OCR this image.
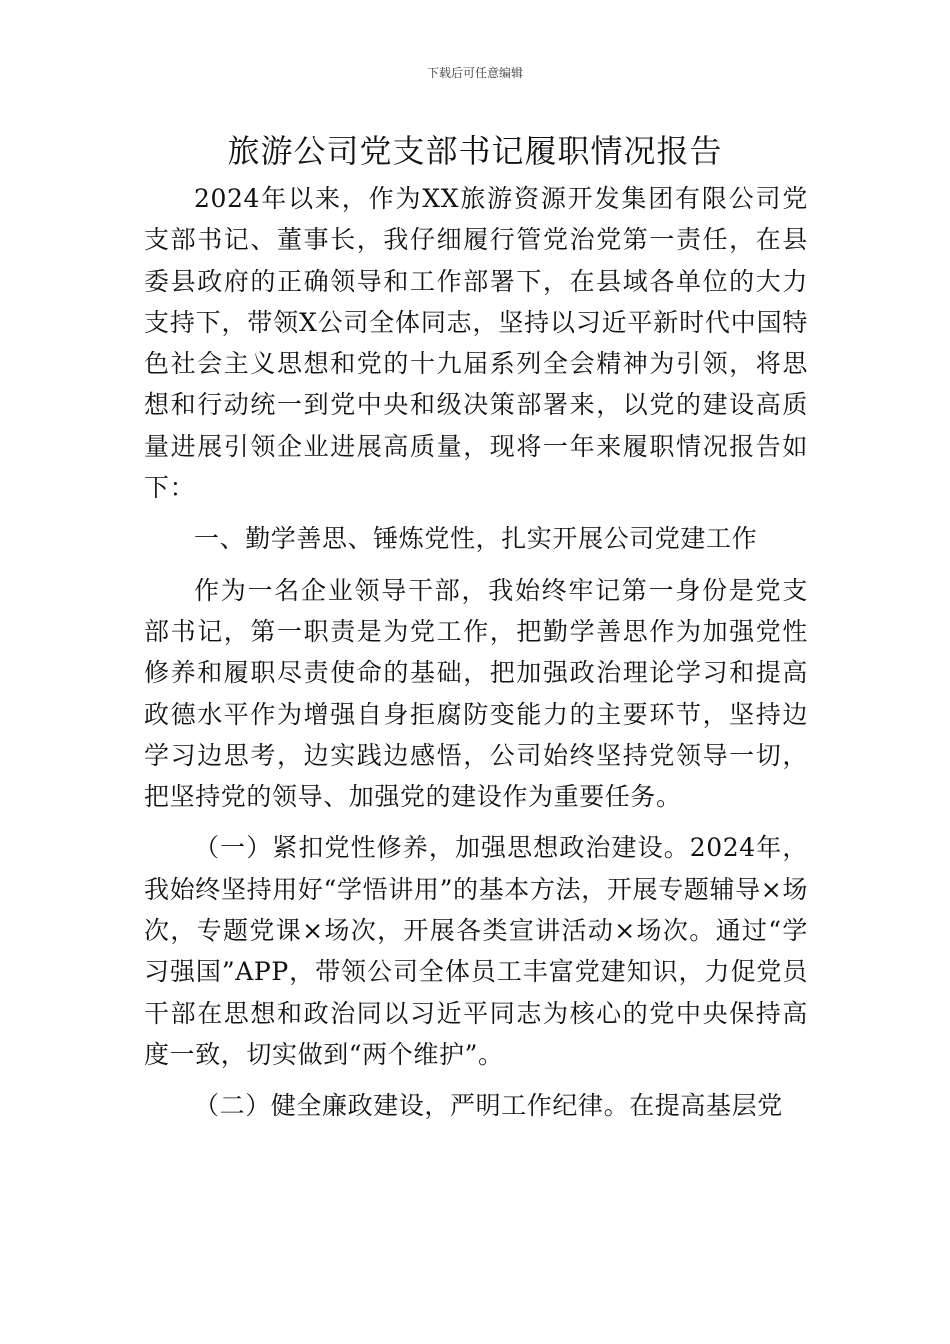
下载后可任意编辑
旅游公司党支部书记履职情况报告

2024年以来，作为XX旅游资源开发集团有限公司党支部书记、董事长，我仔细履行管党治党第一责任，在县委县政府的正确领导和工作部署下，在县域各单位的大力支持下，带领X公司全体同志，坚持以习近平新时代中国特色社会主义思想和党的十九届系列全会精神为引领，将思想和行动统一到党中央和级决策部署来，以党的建设高质量进展引领企业进展高质量，现将一年来履职情况报告如下：

一、勤学善思、锤炼党性，扎实开展公司党建工作

作为一名企业领导干部，我始终牢记第一身份是党支部书记，第一职责是为党工作，把勤学善思作为加强党性修养和履职尽责使命的基础，把加强政治理论学习和提高政德水平作为增强自身拒腐防变能力的主要环节，坚持边学习边思考，边实践边感悟，公司始终坚持党领导一切，把坚持党的领导、加强党的建设作为重要任务。

（一）紧扣党性修养，加强思想政治建设。2024年，我始终坚持用好“学悟讲用”的基本方法，开展专题辅导×场次，专题党课×场次，开展各类宣讲活动×场次。通过“学习强国”APP，带领公司全体员工丰富党建知识，力促党员干部在思想和政治同以习近平同志为核心的党中央保持高度一致，切实做到“两个维护”。

（二）健全廉政建设，严明工作纪律。在提高基层党
